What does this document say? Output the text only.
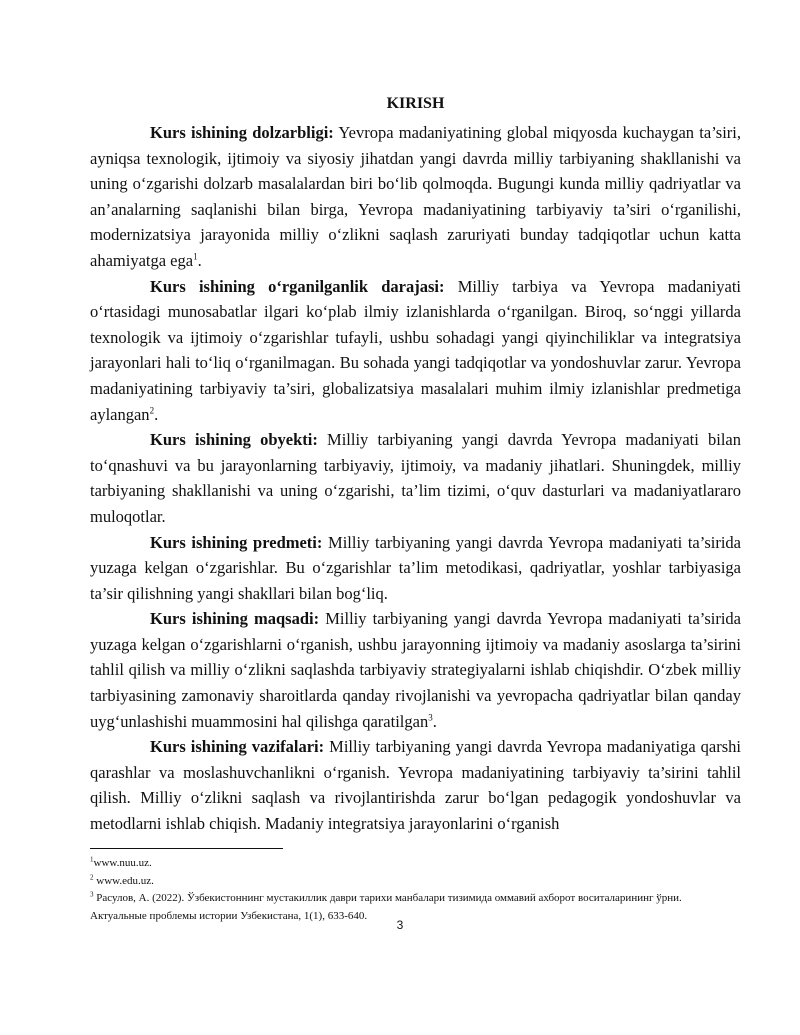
KIRISH

Kurs ishining dolzarbligi: Yevropa madaniyatining global miqyosda kuchaygan ta’siri, ayniqsa texnologik, ijtimoiy va siyosiy jihatdan yangi davrda milliy tarbiyaning shakllanishi va uning o‘zgarishi dolzarb masalalardan biri bo‘lib qolmoqda. Bugungi kunda milliy qadriyatlar va an’analarning saqlanishi bilan birga, Yevropa madaniyatining tarbiyaviy ta’siri o‘rganilishi, modernizatsiya jarayonida milliy o‘zlikni saqlash zaruriyati bunday tadqiqotlar uchun katta ahamiyatga ega$^1$.

Kurs ishining o‘rganilganlik darajasi: Milliy tarbiya va Yevropa madaniyati o‘rtasidagi munosabatlar ilgari ko‘plab ilmiy izlanishlarda o‘rganilgan. Biroq, so‘nggi yillarda texnologik va ijtimoiy o‘zgarishlar tufayli, ushbu sohadagi yangi qiyinchiliklar va integratsiya jarayonlari hali to‘liq o‘rganilmagan. Bu sohada yangi tadqiqotlar va yondoshuvlar zarur. Yevropa madaniyatining tarbiyaviy ta’siri, globalizatsiya masalalari muhim ilmiy izlanishlar predmetiga aylangan$^2$.

Kurs ishining obyekti: Milliy tarbiyaning yangi davrda Yevropa madaniyati bilan to‘qnashuvi va bu jarayonlarning tarbiyaviy, ijtimoiy, va madaniy jihatlari. Shuningdek, milliy tarbiyaning shakllanishi va uning o‘zgarishi, ta’lim tizimi, o‘quv dasturlari va madaniyatlararo muloqotlar.

Kurs ishining predmeti: Milliy tarbiyaning yangi davrda Yevropa madaniyati ta’sirida yuzaga kelgan o‘zgarishlar. Bu o‘zgarishlar ta’lim metodikasi, qadriyatlar, yoshlar tarbiyasiga ta’sir qilishning yangi shakllari bilan bog‘liq.

Kurs ishining maqsadi: Milliy tarbiyaning yangi davrda Yevropa madaniyati ta’sirida yuzaga kelgan o‘zgarishlarni o‘rganish, ushbu jarayonning ijtimoiy va madaniy asoslarga ta’sirini tahlil qilish va milliy o‘zlikni saqlashda tarbiyaviy strategiyalarni ishlab chiqishdir. O‘zbek milliy tarbiyasining zamonaviy sharoitlarda qanday rivojlanishi va yevropacha qadriyatlar bilan qanday uyg‘unlashishi muammosini hal qilishga qaratilgan$^3$.

Kurs ishining vazifalari: Milliy tarbiyaning yangi davrda Yevropa madaniyatiga qarshi qarashlar va moslashuvchanlikni o‘rganish. Yevropa madaniyatining tarbiyaviy ta’sirini tahlil qilish. Milliy o‘zlikni saqlash va rivojlantirishda zarur bo‘lgan pedagogik yondoshuvlar va metodlarni ishlab chiqish. Madaniy integratsiya jarayonlarini o‘rganish

$^1$www.nuu.uz.

$^2$ www.edu.uz.

$^3$ Расулов, А. (2022). Ўзбекистоннинг мустакиллик даври тарихи манбалари тизимида оммавий ахборот воситаларининг ўрни. Актуальные проблемы истории Узбекистана, 1(1), 633-640.

3
